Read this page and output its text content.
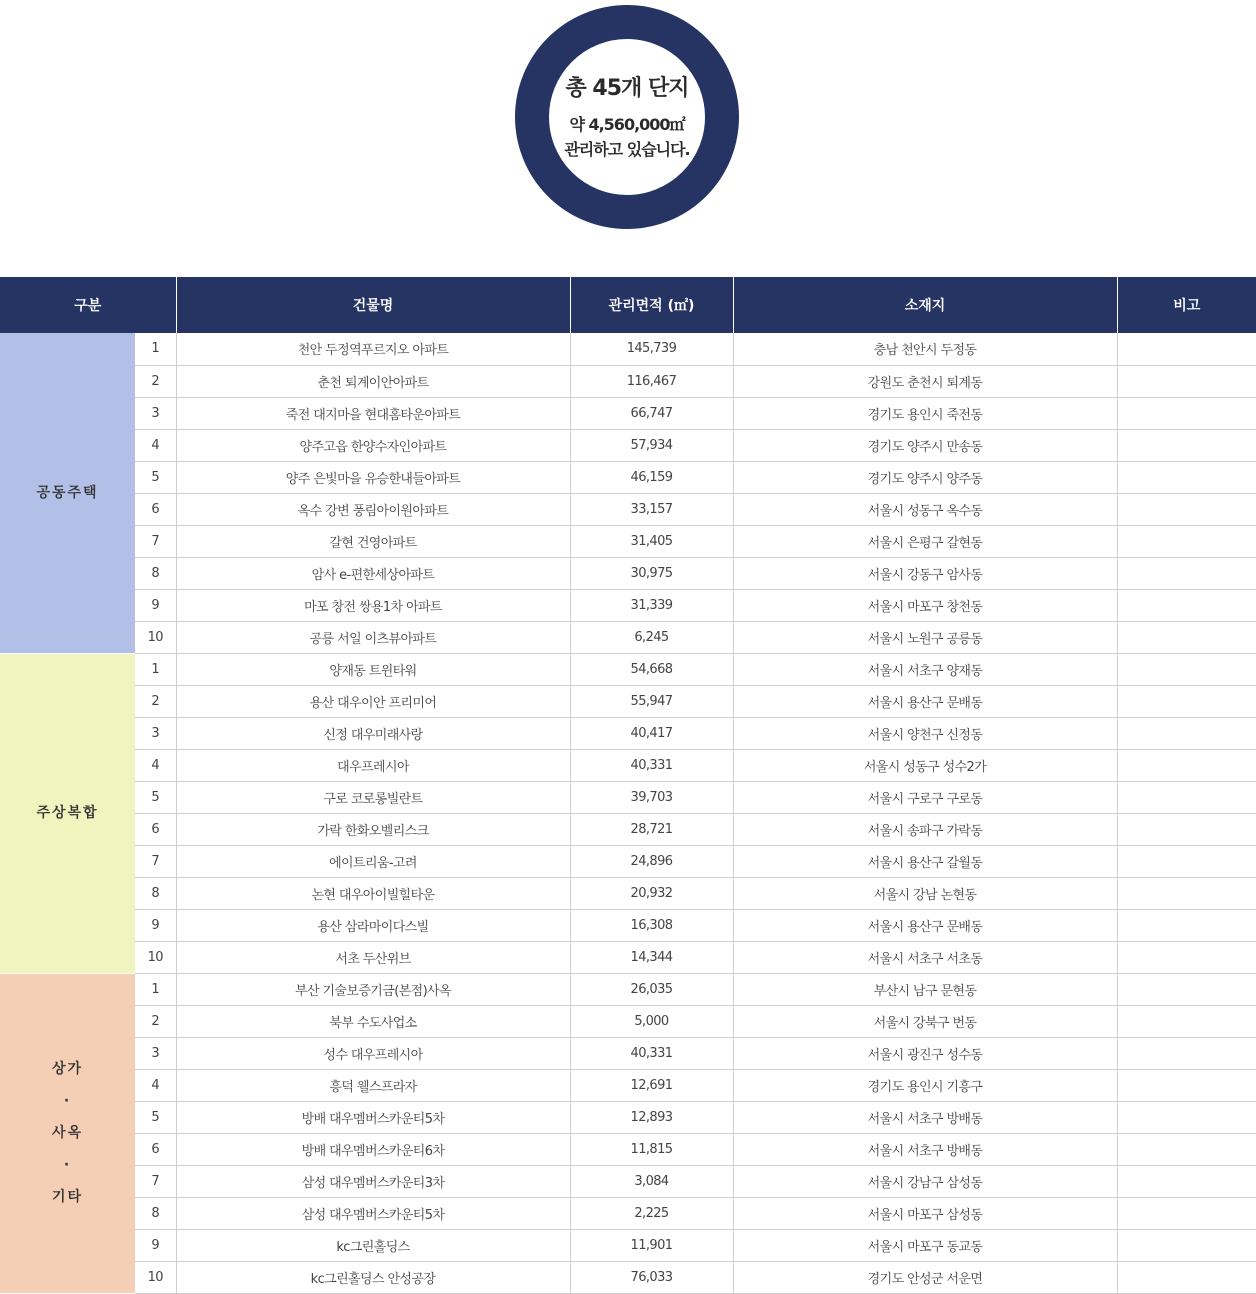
총 45개 단지
약 4,560,000㎡
관리하고 있습니다.
구분		건물명	관리면적 (㎡)	소재지	비고
공동주택	1	천안 두정역푸르지오 아파트	145,739	충남 천안시 두정동	
	2	춘천 퇴계이안아파트	116,467	강원도 춘천시 퇴계동	
	3	죽전 대지마을 현대홈타운아파트	66,747	경기도 용인시 죽전동	
	4	양주고읍 한양수자인아파트	57,934	경기도 양주시 만송동	
	5	양주 은빛마을 유승한내들아파트	46,159	경기도 양주시 양주동	
	6	옥수 강변 풍림아이원아파트	33,157	서울시 성동구 옥수동	
	7	갈현 건영아파트	31,405	서울시 은평구 갈현동	
	8	암사 e-편한세상아파트	30,975	서울시 강동구 암사동	
	9	마포 창전 쌍용1차 아파트	31,339	서울시 마포구 창천동	
	10	공릉 서일 이츠뷰아파트	6,245	서울시 노원구 공릉동	
주상복합	1	양재동 트윈타워	54,668	서울시 서초구 양재동	
	2	용산 대우이안 프리미어	55,947	서울시 용산구 문배동	
	3	신정 대우미래사랑	40,417	서울시 양천구 신정동	
	4	대우프레시아	40,331	서울시 성동구 성수2가	
	5	구로 코로롱빌란트	39,703	서울시 구로구 구로동	
	6	가락 한화오벨리스크	28,721	서울시 송파구 가락동	
	7	에이트리움-고려	24,896	서울시 용산구 갈월동	
	8	논현 대우아이빌힐타운	20,932	서울시 강남 논현동	
	9	용산 삼라마이다스빌	16,308	서울시 용산구 문배동	
	10	서초 두산위브	14,344	서울시 서초구 서초동	

상가
·
사옥
·
기타	1	부산 기술보증기금(본점)사옥	26,035	부산시 남구 문현동	
	2	북부 수도사업소	5,000	서울시 강북구 번동	
	3	성수 대우프레시아	40,331	서울시 광진구 성수동	
	4	흥덕 웰스프라자	12,691	경기도 용인시 기흥구	
	5	방배 대우멤버스카운티5차	12,893	서울시 서초구 방배동	
	6	방배 대우멤버스카운티6차	11,815	서울시 서초구 방배동	
	7	삼성 대우멤버스카운티3차	3,084	서울시 강남구 삼성동	
	8	삼성 대우멤버스카운티5차	2,225	서울시 마포구 삼성동	
	9	kc그린홀딩스	11,901	서울시 마포구 동교동	
	10	kc그린홀딩스 안성공장	76,033	경기도 안성군 서운면	
